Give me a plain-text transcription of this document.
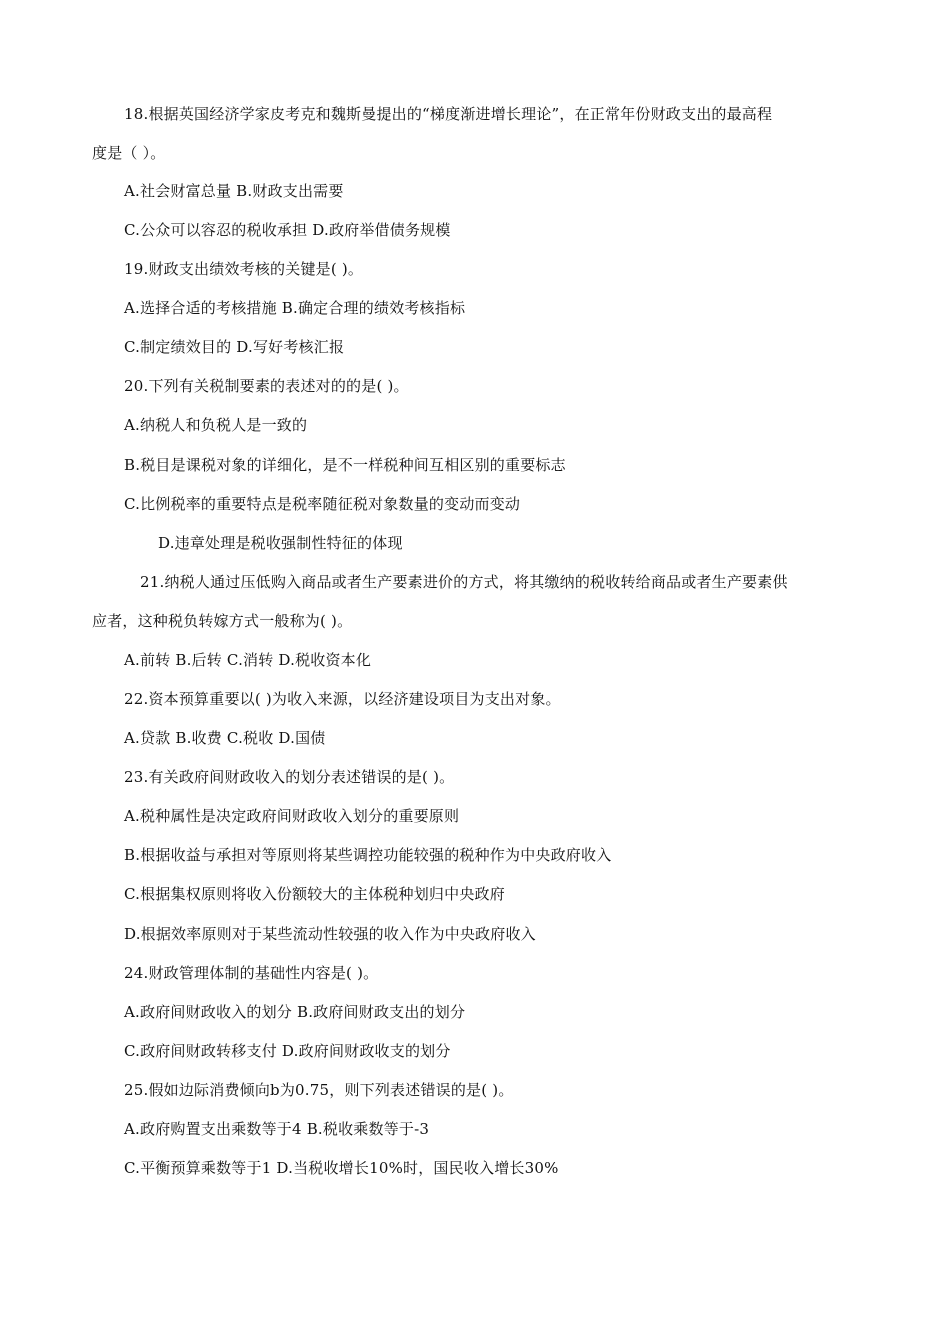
18.根据英国经济学家皮考克和魏斯曼提出的“梯度渐进增长理论”，在正常年份财政支出的最高程
度是（ ）。
A.社会财富总量 B.财政支出需要
C.公众可以容忍的税收承担 D.政府举借债务规模
19.财政支出绩效考核的关键是( )。
A.选择合适的考核措施 B.确定合理的绩效考核指标
C.制定绩效目的 D.写好考核汇报
20.下列有关税制要素的表述对的的是( )。
A.纳税人和负税人是一致的
B.税目是课税对象的详细化，是不一样税种间互相区别的重要标志
C.比例税率的重要特点是税率随征税对象数量的变动而变动
D.违章处理是税收强制性特征的体现
21.纳税人通过压低购入商品或者生产要素进价的方式，将其缴纳的税收转给商品或者生产要素供
应者，这种税负转嫁方式一般称为( )。
A.前转 B.后转 C.消转 D.税收资本化
22.资本预算重要以( )为收入来源，以经济建设项目为支出对象。
A.贷款 B.收费 C.税收 D.国债
23.有关政府间财政收入的划分表述错误的是( )。
A.税种属性是决定政府间财政收入划分的重要原则
B.根据收益与承担对等原则将某些调控功能较强的税种作为中央政府收入
C.根据集权原则将收入份额较大的主体税种划归中央政府
D.根据效率原则对于某些流动性较强的收入作为中央政府收入
24.财政管理体制的基础性内容是( )。
A.政府间财政收入的划分 B.政府间财政支出的划分
C.政府间财政转移支付 D.政府间财政收支的划分
25.假如边际消费倾向b为0.75，则下列表述错误的是( )。
A.政府购置支出乘数等于4 B.税收乘数等于-3
C.平衡预算乘数等于1 D.当税收增长10%时，国民收入增长30%
